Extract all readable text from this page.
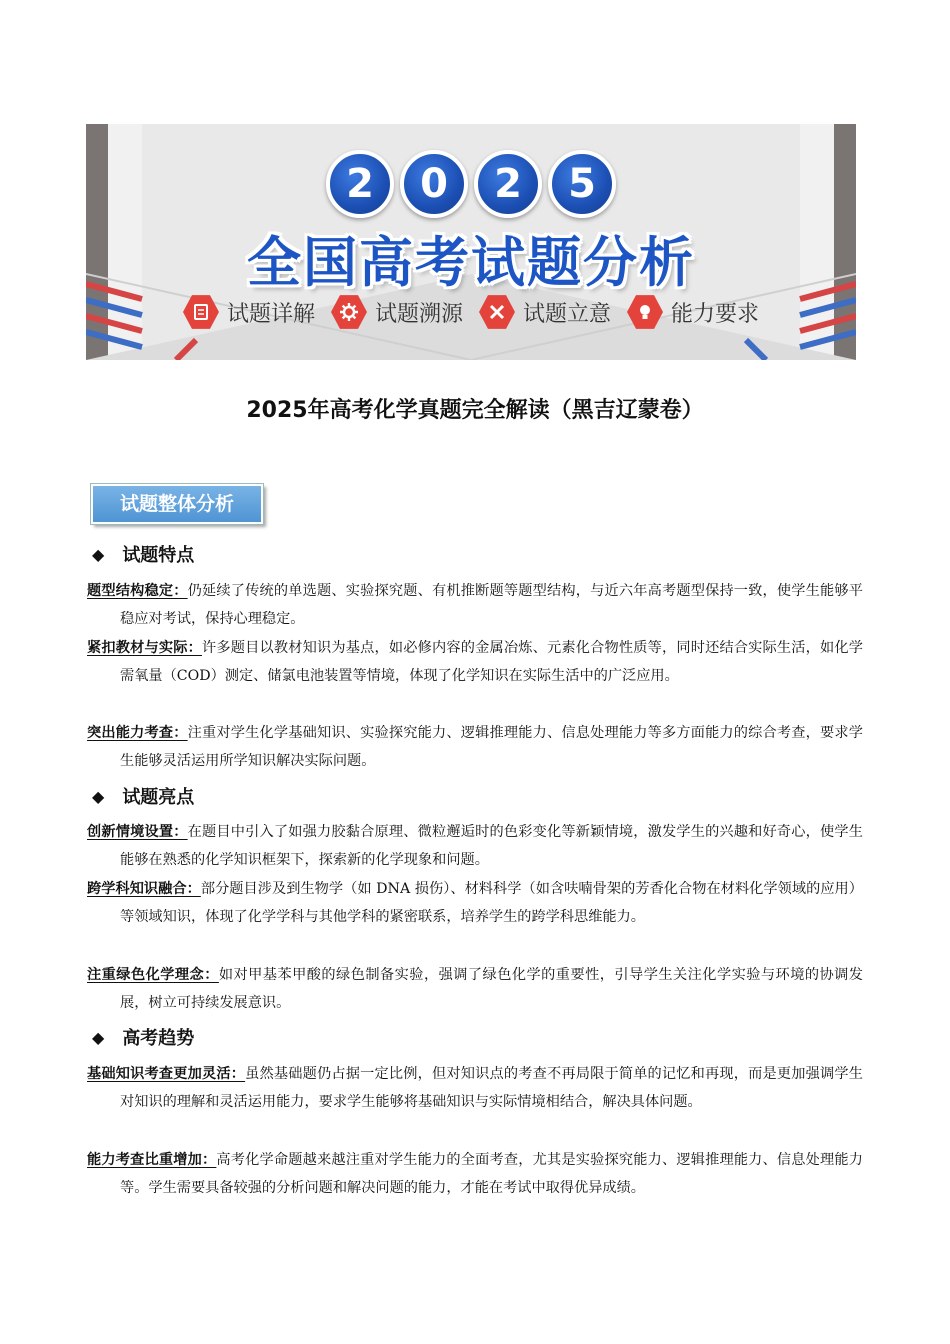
2	0	2	5
全国高考试题分析
试题详解	试题溯源	试题立意	能力要求
2025年高考化学真题完全解读（黑吉辽蒙卷）
试题整体分析
◆ 试题特点
题型结构稳定：仍延续了传统的单选题、实验探究题、有机推断题等题型结构，与近六年高考题型保持一致，使学生能够平稳应对考试，保持心理稳定。
紧扣教材与实际：许多题目以教材知识为基点，如必修内容的金属冶炼、元素化合物性质等，同时还结合实际生活，如化学需氧量（COD）测定、储氯电池装置等情境，体现了化学知识在实际生活中的广泛应用。
突出能力考查：注重对学生化学基础知识、实验探究能力、逻辑推理能力、信息处理能力等多方面能力的综合考查，要求学生能够灵活运用所学知识解决实际问题。
◆ 试题亮点
创新情境设置：在题目中引入了如强力胶黏合原理、微粒邂逅时的色彩变化等新颖情境，激发学生的兴趣和好奇心，使学生能够在熟悉的化学知识框架下，探索新的化学现象和问题。
跨学科知识融合：部分题目涉及到生物学（如 DNA 损伤）、材料科学（如含呋喃骨架的芳香化合物在材料化学领域的应用）等领域知识，体现了化学学科与其他学科的紧密联系，培养学生的跨学科思维能力。
注重绿色化学理念：如对甲基苯甲酸的绿色制备实验，强调了绿色化学的重要性，引导学生关注化学实验与环境的协调发展，树立可持续发展意识。
◆ 高考趋势
基础知识考查更加灵活：虽然基础题仍占据一定比例，但对知识点的考查不再局限于简单的记忆和再现，而是更加强调学生对知识的理解和灵活运用能力，要求学生能够将基础知识与实际情境相结合，解决具体问题。
能力考查比重增加：高考化学命题越来越注重对学生能力的全面考查，尤其是实验探究能力、逻辑推理能力、信息处理能力等。学生需要具备较强的分析问题和解决问题的能力，才能在考试中取得优异成绩。
